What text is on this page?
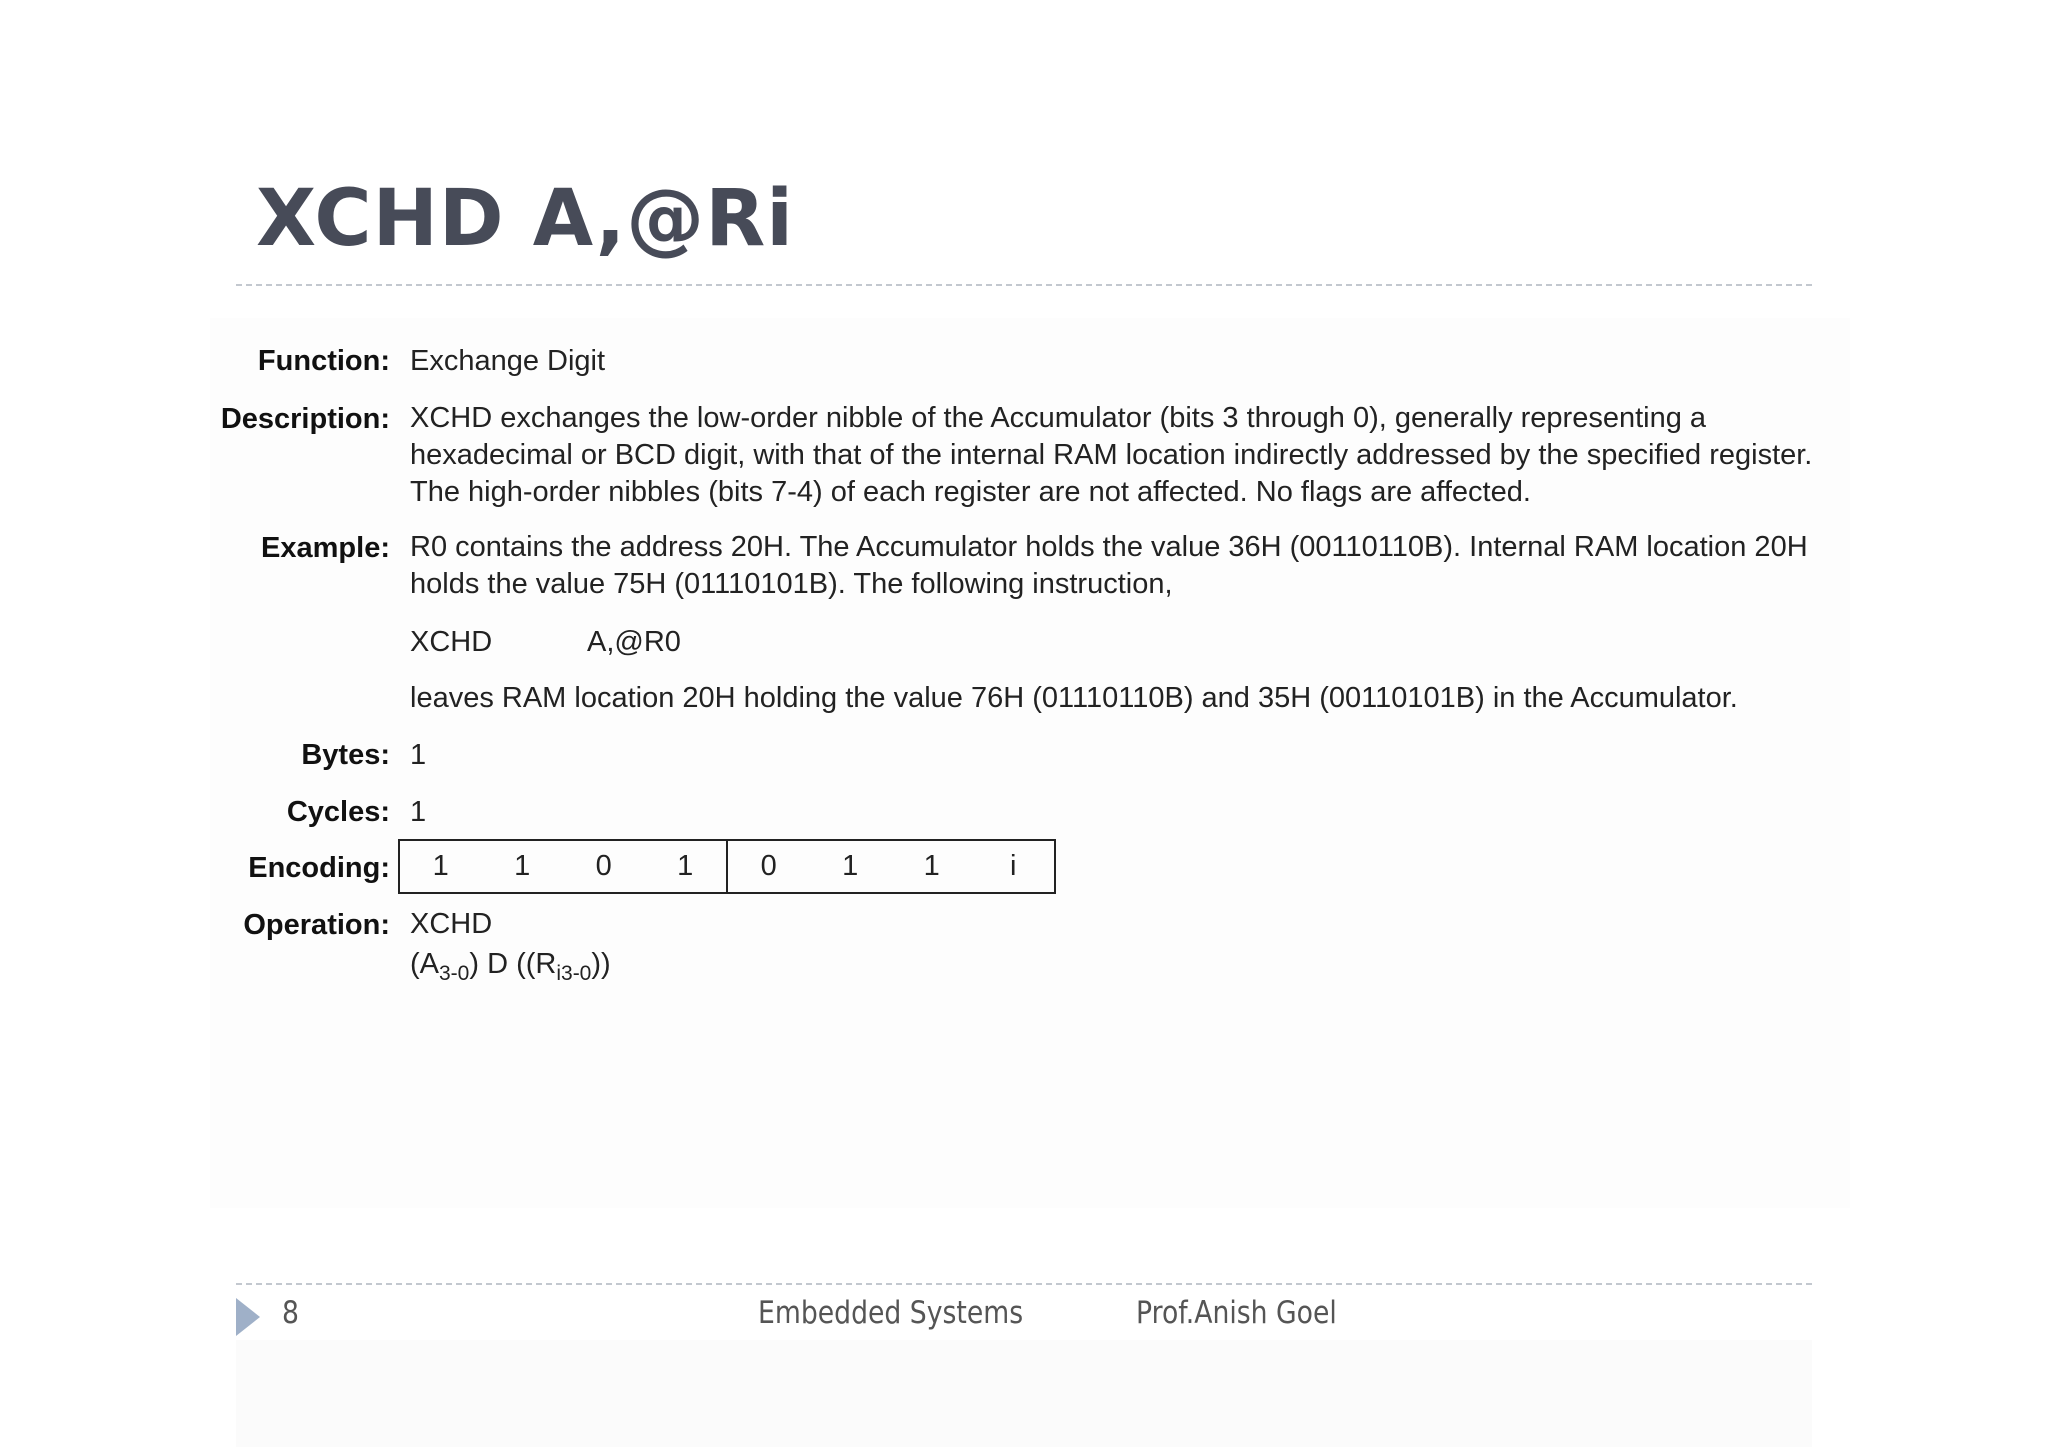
XCHD A,@Ri
Function: Exchange Digit
Description: XCHD exchanges the low-order nibble of the Accumulator (bits 3 through 0), generally representing a
hexadecimal or BCD digit, with that of the internal RAM location indirectly addressed by the specified register.
The high-order nibbles (bits 7-4) of each register are not affected. No flags are affected.
Example: R0 contains the address 20H. The Accumulator holds the value 36H (00110110B). Internal RAM location 20H
holds the value 75H (01110101B). The following instruction,
XCHD	A,@R0
leaves RAM location 20H holding the value 76H (01110110B) and 35H (00110101B) in the Accumulator.
Bytes: 1
Cycles: 1
Encoding:	1	1	0	1	0	1	1	i
Operation: XCHD
$(A_{3-0})$ D $((R_{i3-0}))$
8	Embedded Systems	Prof.Anish Goel
